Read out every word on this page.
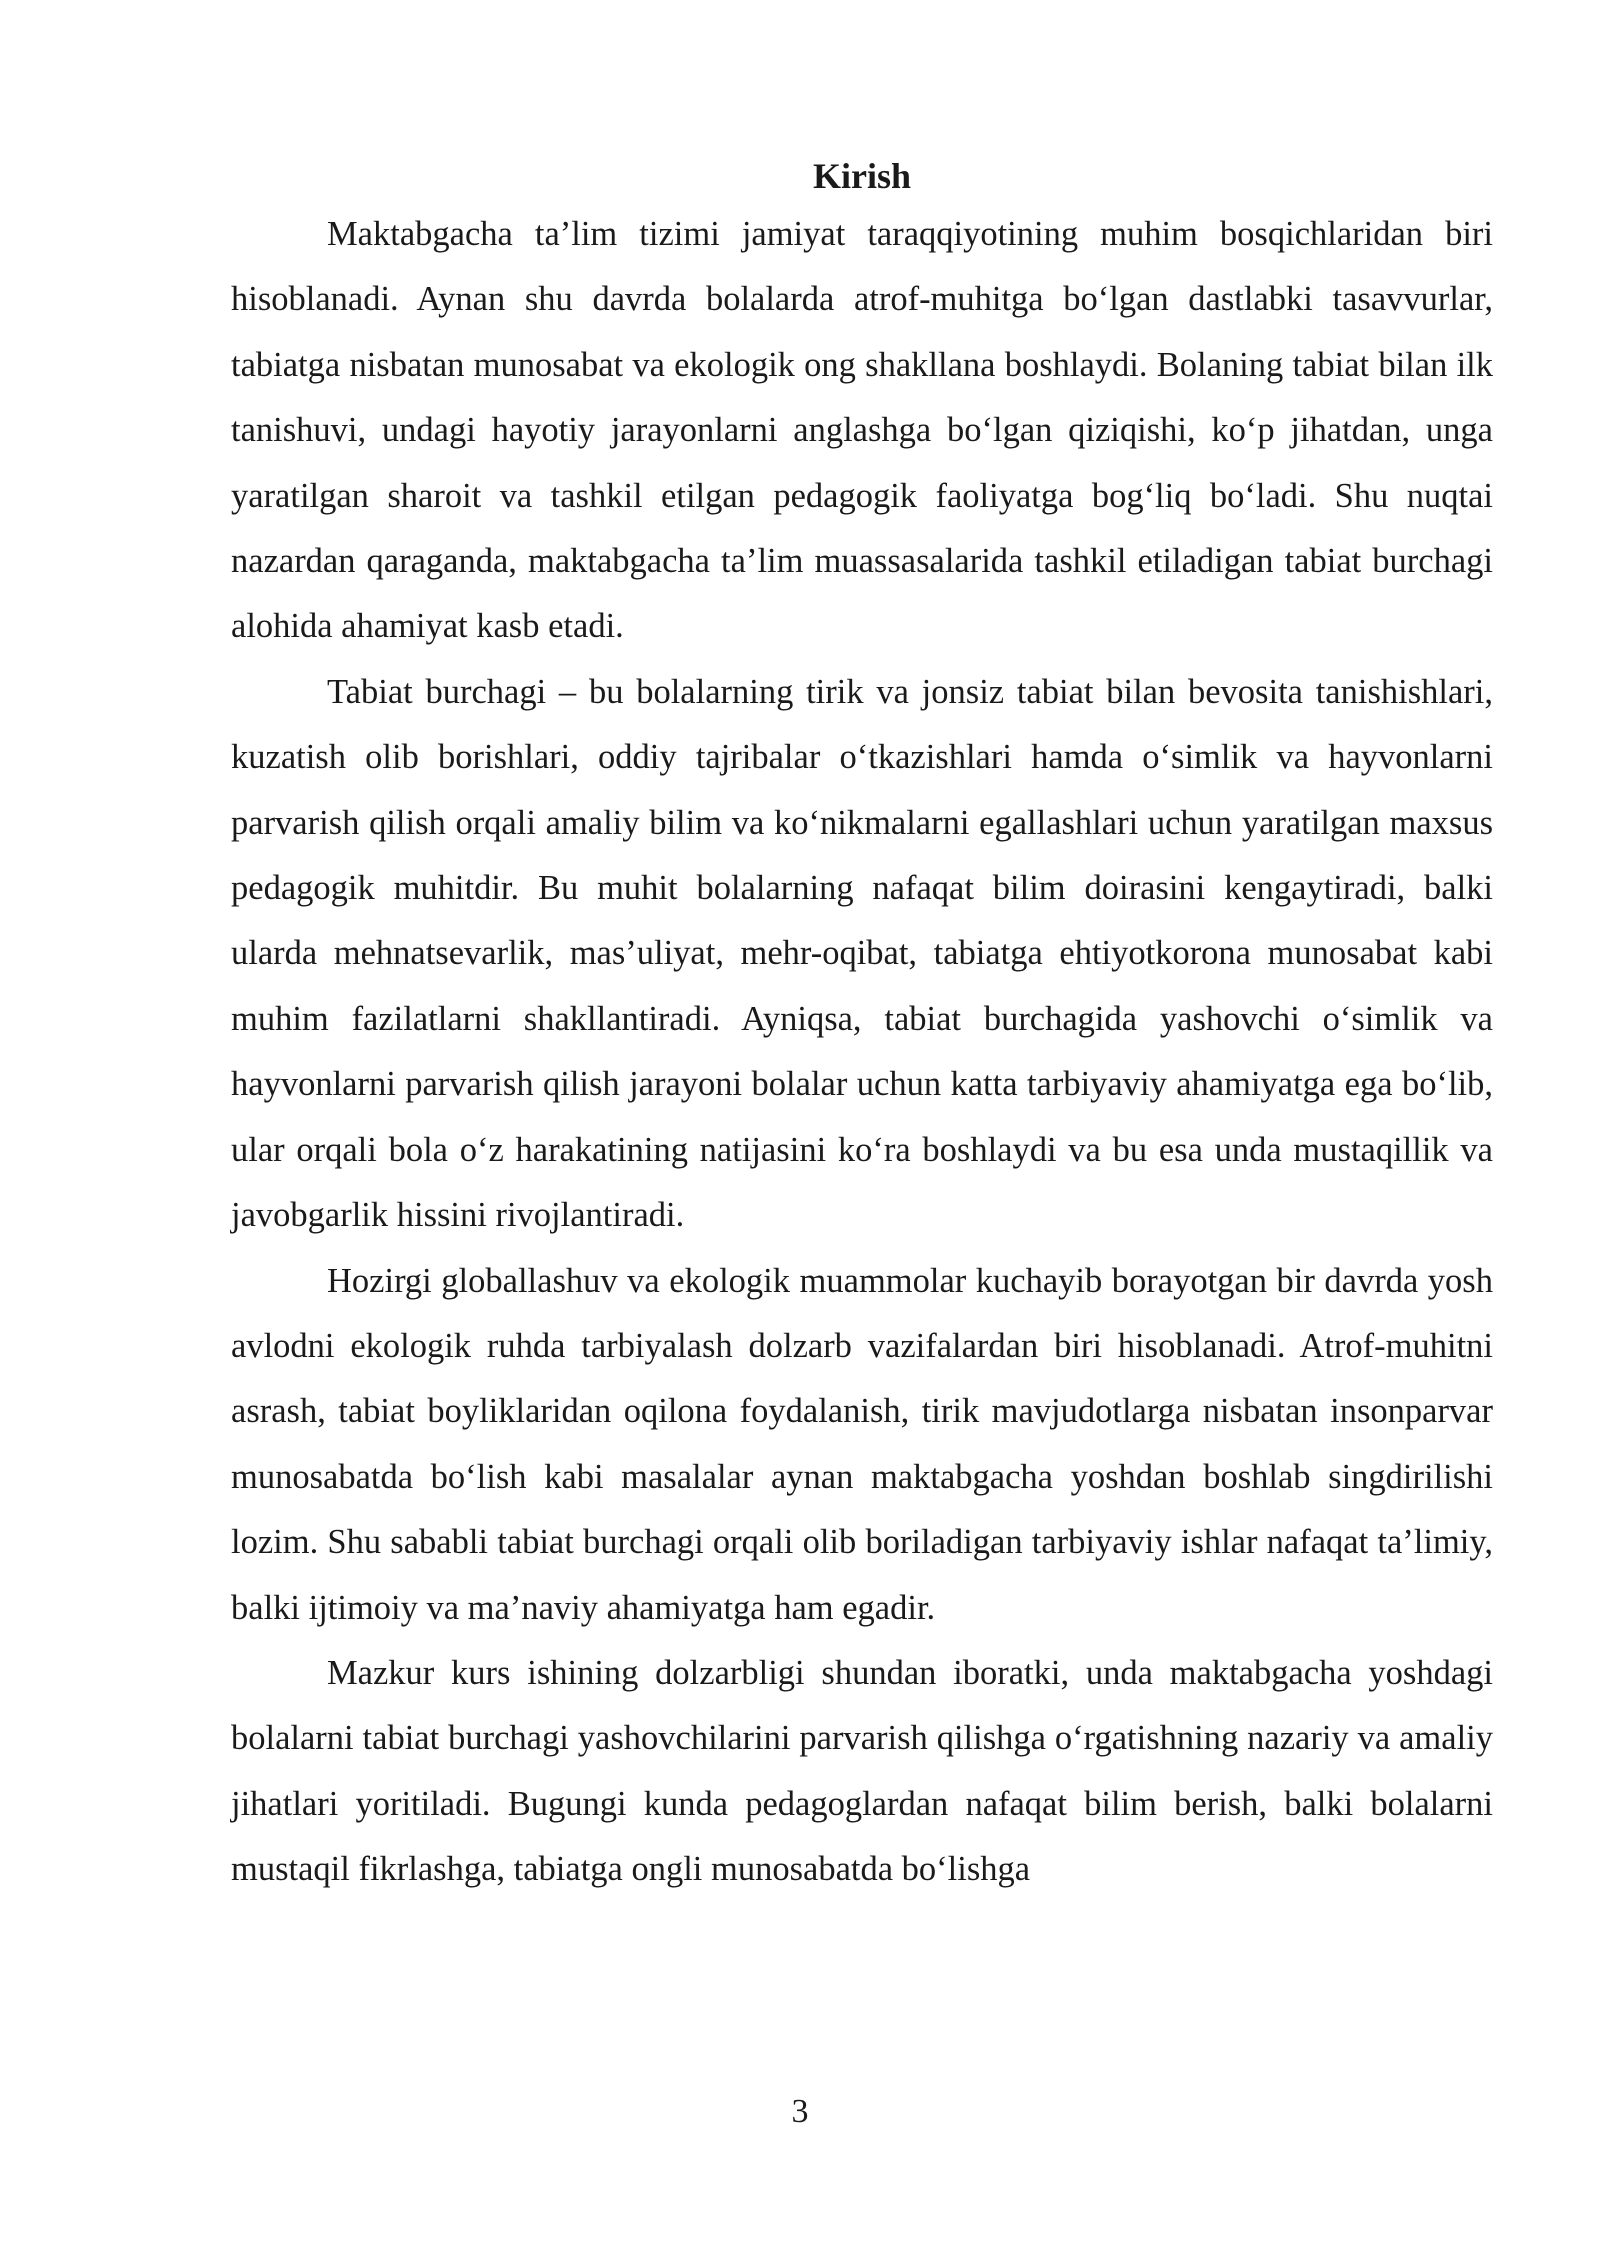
Kirish

Maktabgacha ta’lim tizimi jamiyat taraqqiyotining muhim bosqichlaridan biri hisoblanadi. Aynan shu davrda bolalarda atrof-muhitga bo‘lgan dastlabki tasavvurlar, tabiatga nisbatan munosabat va ekologik ong shakllana boshlaydi. Bolaning tabiat bilan ilk tanishuvi, undagi hayotiy jarayonlarni anglashga bo‘lgan qiziqishi, ko‘p jihatdan, unga yaratilgan sharoit va tashkil etilgan pedagogik faoliyatga bog‘liq bo‘ladi. Shu nuqtai nazardan qaraganda, maktabgacha ta’lim muassasalarida tashkil etiladigan tabiat burchagi alohida ahamiyat kasb etadi.

Tabiat burchagi – bu bolalarning tirik va jonsiz tabiat bilan bevosita tanishishlari, kuzatish olib borishlari, oddiy tajribalar o‘tkazishlari hamda o‘simlik va hayvonlarni parvarish qilish orqali amaliy bilim va ko‘nikmalarni egallashlari uchun yaratilgan maxsus pedagogik muhitdir. Bu muhit bolalarning nafaqat bilim doirasini kengaytiradi, balki ularda mehnatsevarlik, mas’uliyat, mehr-oqibat, tabiatga ehtiyotkorona munosabat kabi muhim fazilatlarni shakllantiradi. Ayniqsa, tabiat burchagida yashovchi o‘simlik va hayvonlarni parvarish qilish jarayoni bolalar uchun katta tarbiyaviy ahamiyatga ega bo‘lib, ular orqali bola o‘z harakatining natijasini ko‘ra boshlaydi va bu esa unda mustaqillik va javobgarlik hissini rivojlantiradi.

Hozirgi globallashuv va ekologik muammolar kuchayib borayotgan bir davrda yosh avlodni ekologik ruhda tarbiyalash dolzarb vazifalardan biri hisoblanadi. Atrof-muhitni asrash, tabiat boyliklaridan oqilona foydalanish, tirik mavjudotlarga nisbatan insonparvar munosabatda bo‘lish kabi masalalar aynan maktabgacha yoshdan boshlab singdirilishi lozim. Shu sababli tabiat burchagi orqali olib boriladigan tarbiyaviy ishlar nafaqat ta’limiy, balki ijtimoiy va ma’naviy ahamiyatga ham egadir.

Mazkur kurs ishining dolzarbligi shundan iboratki, unda maktabgacha yoshdagi bolalarni tabiat burchagi yashovchilarini parvarish qilishga o‘rgatishning nazariy va amaliy jihatlari yoritiladi. Bugungi kunda pedagoglardan nafaqat bilim berish, balki bolalarni mustaqil fikrlashga, tabiatga ongli munosabatda bo‘lishga

3
